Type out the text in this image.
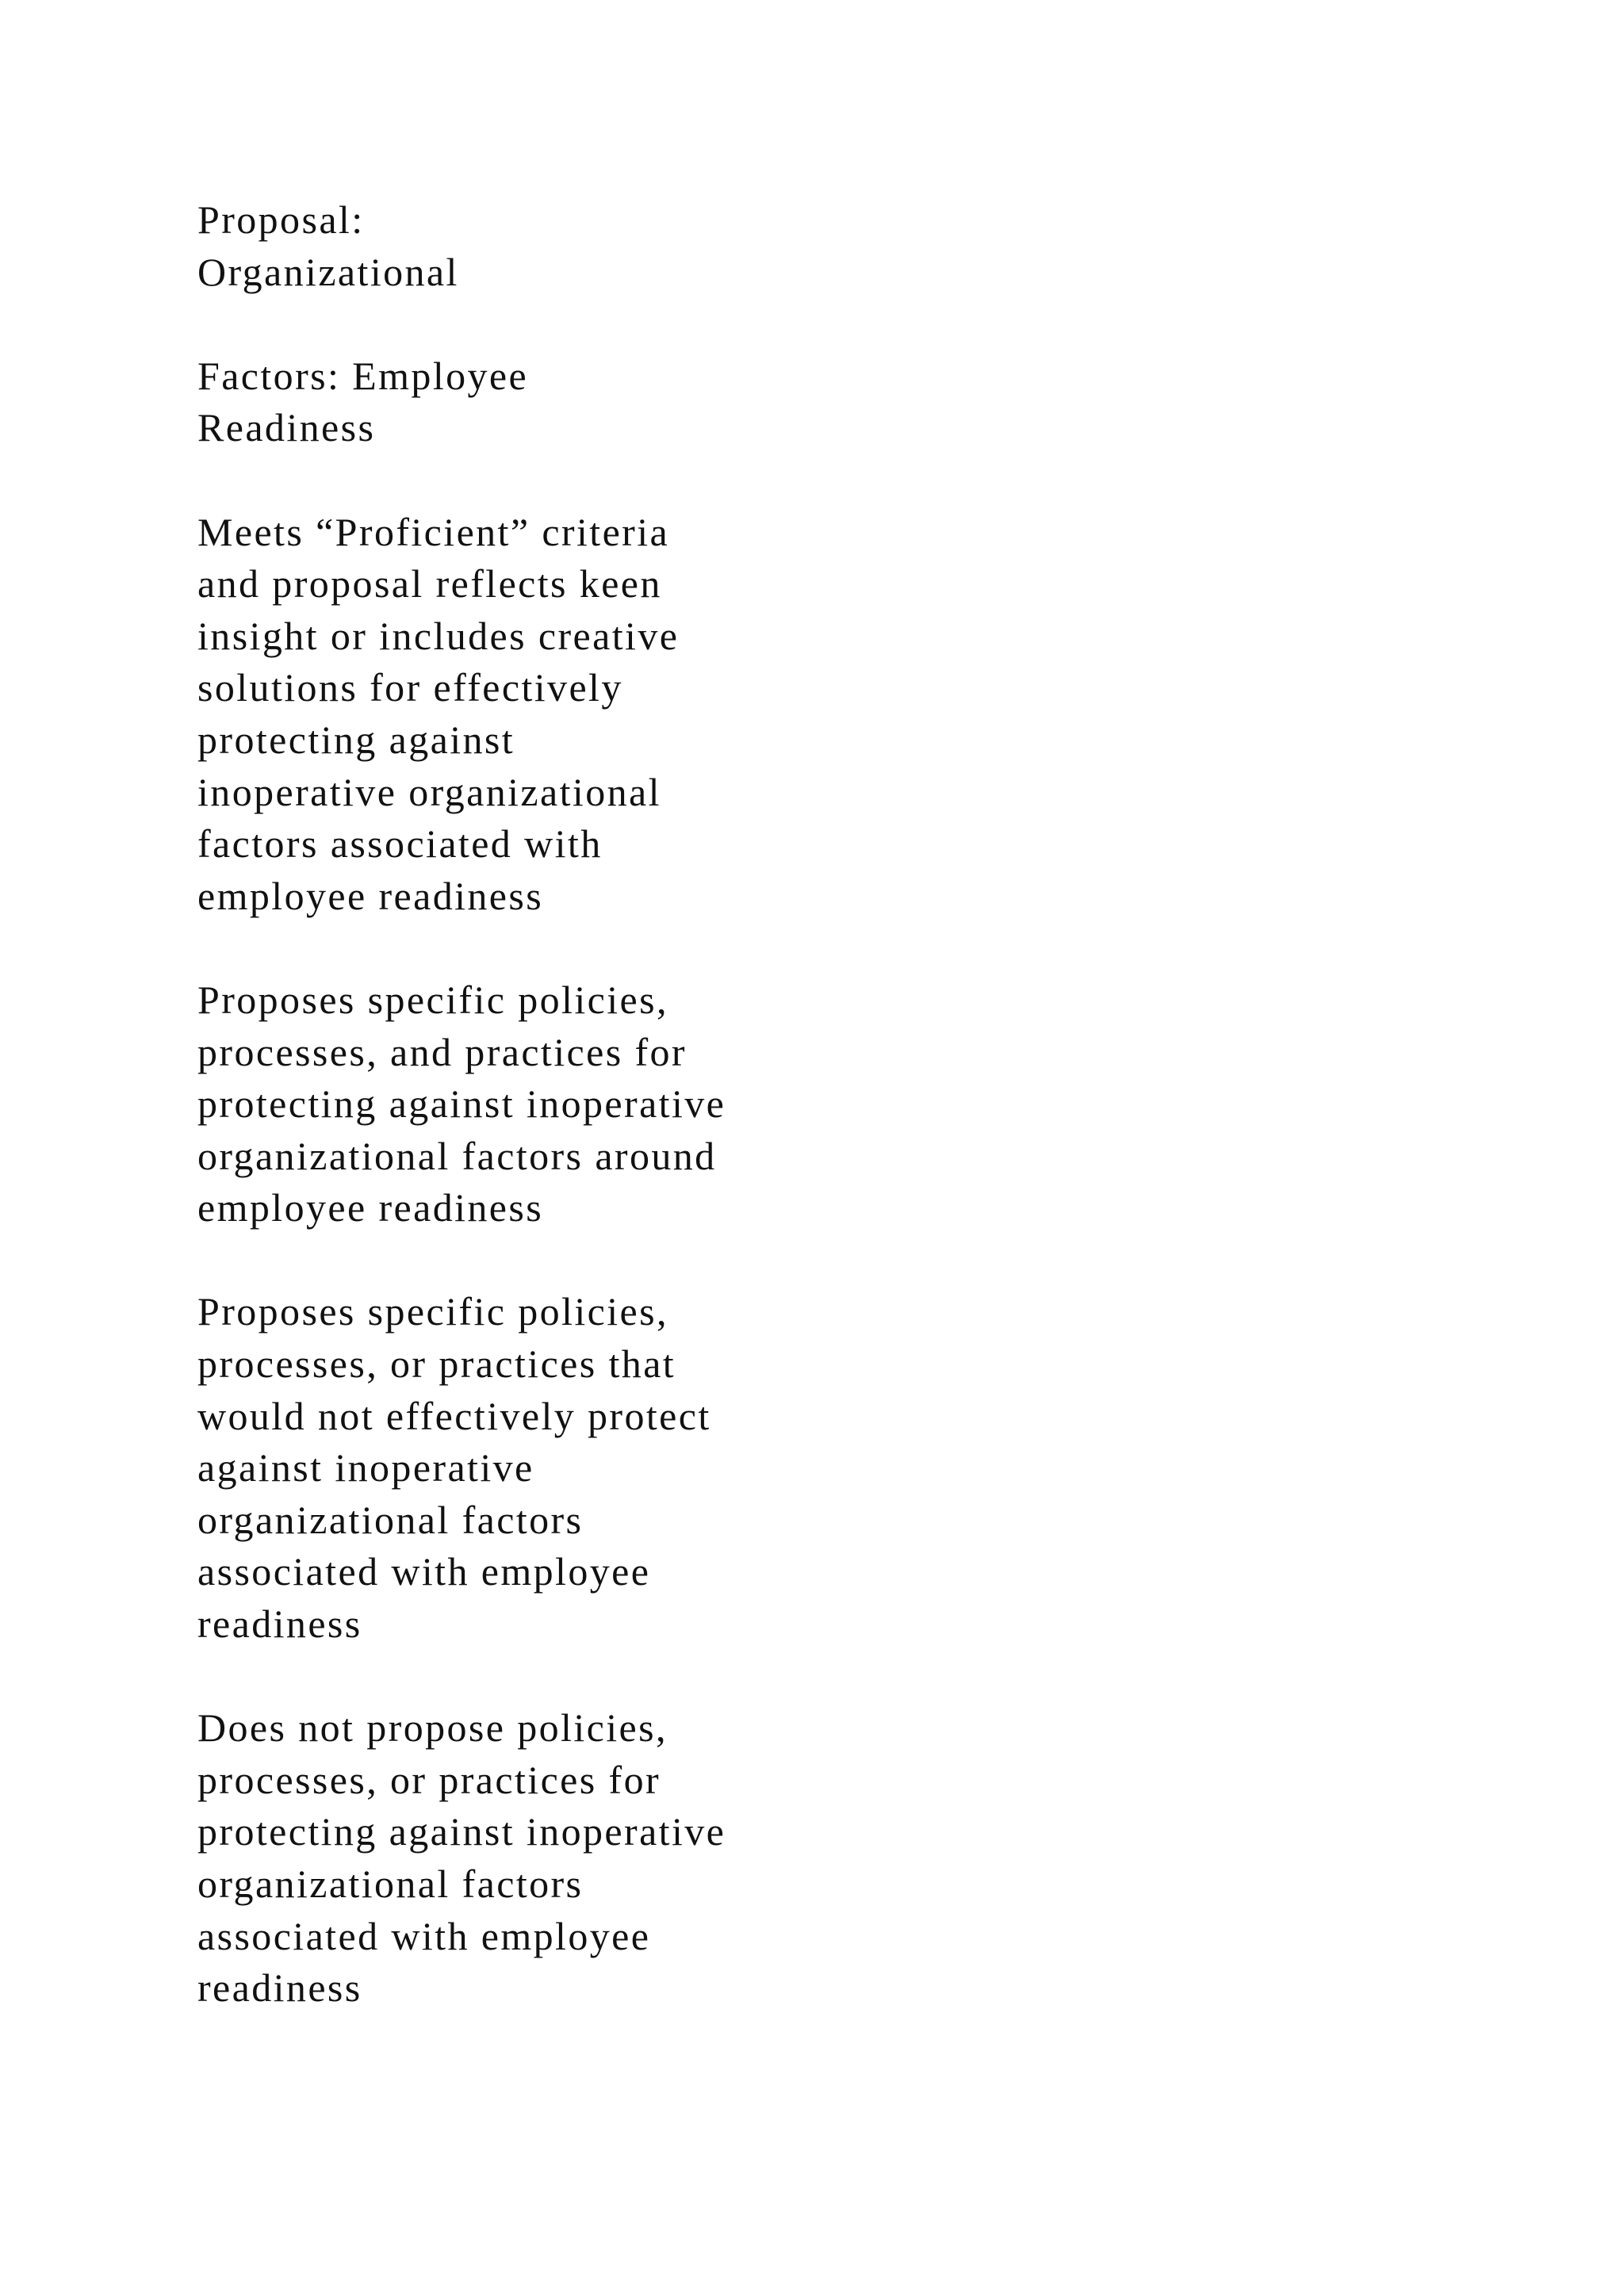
Proposal:
Organizational
Factors: Employee
Readiness
Meets “Proficient” criteria
and proposal reflects keen
insight or includes creative
solutions for effectively
protecting against
inoperative organizational
factors associated with
employee readiness
Proposes specific policies,
processes, and practices for
protecting against inoperative
organizational factors around
employee readiness
Proposes specific policies,
processes, or practices that
would not effectively protect
against inoperative
organizational factors
associated with employee
readiness
Does not propose policies,
processes, or practices for
protecting against inoperative
organizational factors
associated with employee
readiness
